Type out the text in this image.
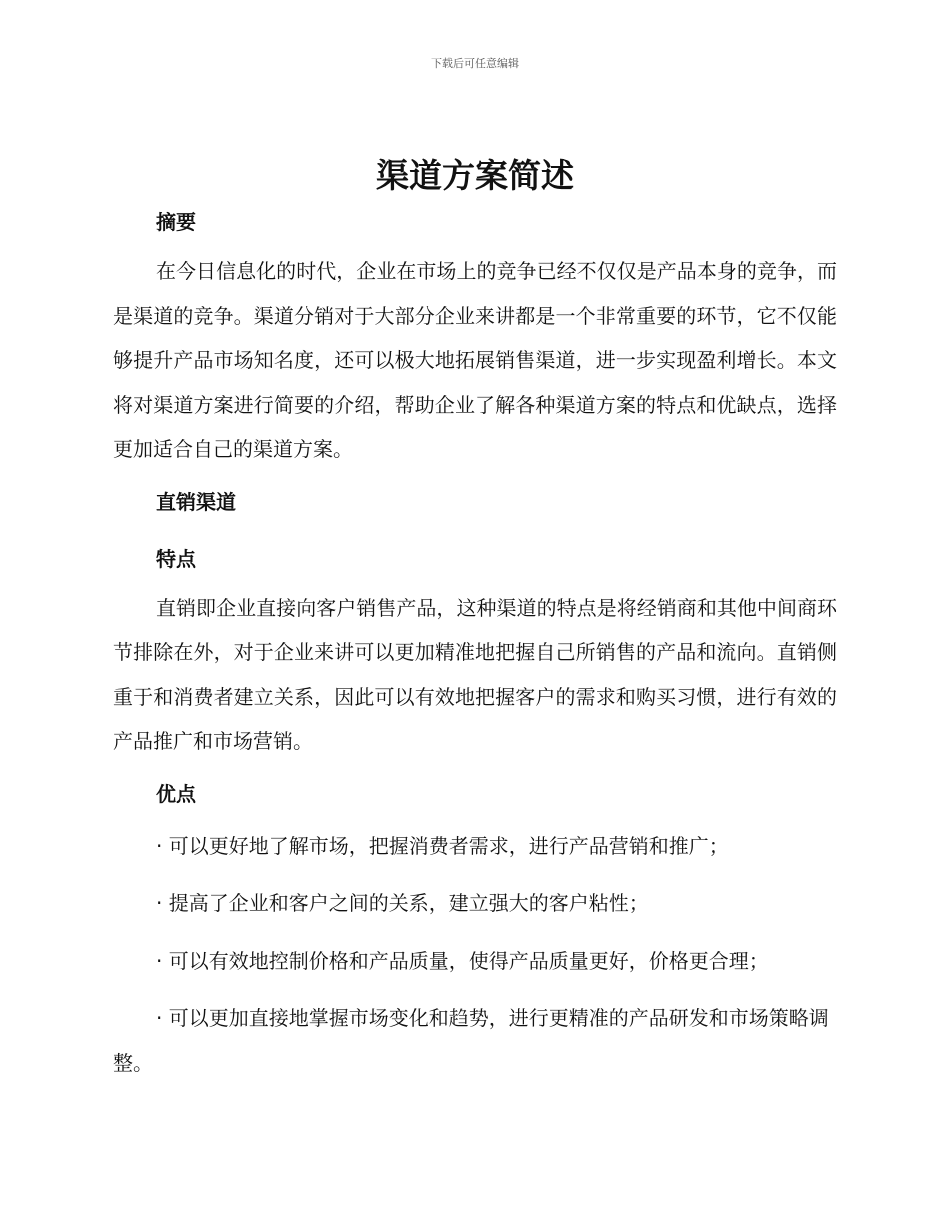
下载后可任意编辑
渠道方案简述
摘要

在今日信息化的时代，企业在市场上的竞争已经不仅仅是产品本身的竞争，而是渠道的竞争。渠道分销对于大部分企业来讲都是一个非常重要的环节，它不仅能够提升产品市场知名度，还可以极大地拓展销售渠道，进一步实现盈利增长。本文将对渠道方案进行简要的介绍，帮助企业了解各种渠道方案的特点和优缺点，选择更加适合自己的渠道方案。

直销渠道
特点

直销即企业直接向客户销售产品，这种渠道的特点是将经销商和其他中间商环节排除在外，对于企业来讲可以更加精准地把握自己所销售的产品和流向。直销侧重于和消费者建立关系，因此可以有效地把握客户的需求和购买习惯，进行有效的产品推广和市场营销。

优点

· 可以更好地了解市场，把握消费者需求，进行产品营销和推广；

· 提高了企业和客户之间的关系，建立强大的客户粘性；

· 可以有效地控制价格和产品质量，使得产品质量更好，价格更合理；

· 可以更加直接地掌握市场变化和趋势，进行更精准的产品研发和市场策略调整。
